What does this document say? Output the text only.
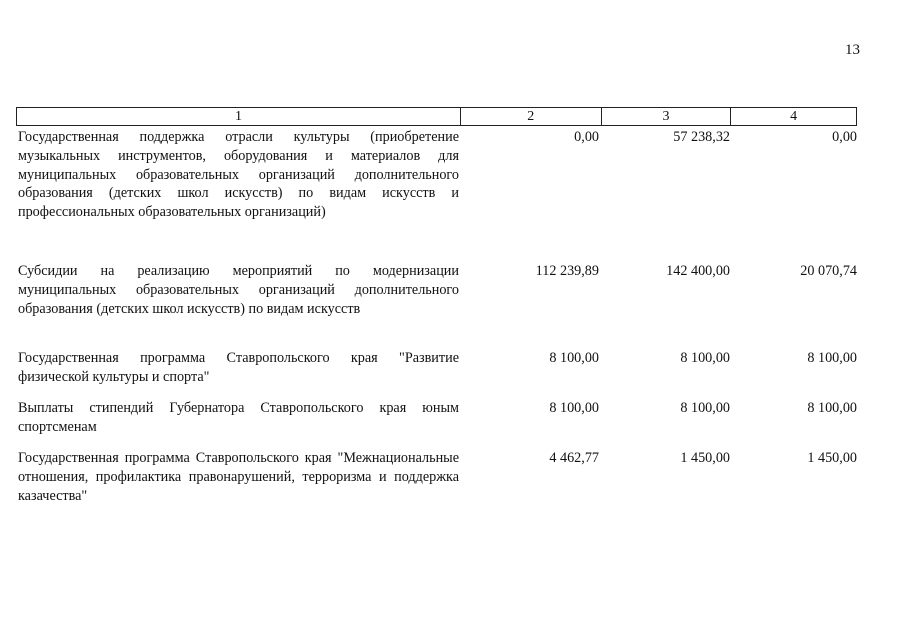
13
1	2	3	4
Государственная поддержка отрасли культуры (приобретение музыкальных инструментов, оборудования и материалов для муниципальных образовательных организаций дополнительного образования (детских школ искусств) по видам искусств и профессиональных образовательных организаций)
0,00	57 238,32	0,00
Субсидии на реализацию мероприятий по модернизации муниципальных образовательных организаций дополнительного образования (детских школ искусств) по видам искусств
112 239,89	142 400,00	20 070,74
Государственная программа Ставропольского края "Развитие физической культуры и спорта"
8 100,00	8 100,00	8 100,00
Выплаты стипендий Губернатора Ставропольского края юным спортсменам
8 100,00	8 100,00	8 100,00
Государственная программа Ставропольского края "Межнациональные отношения, профилактика правонарушений, терроризма и поддержка казачества"
4 462,77	1 450,00	1 450,00
